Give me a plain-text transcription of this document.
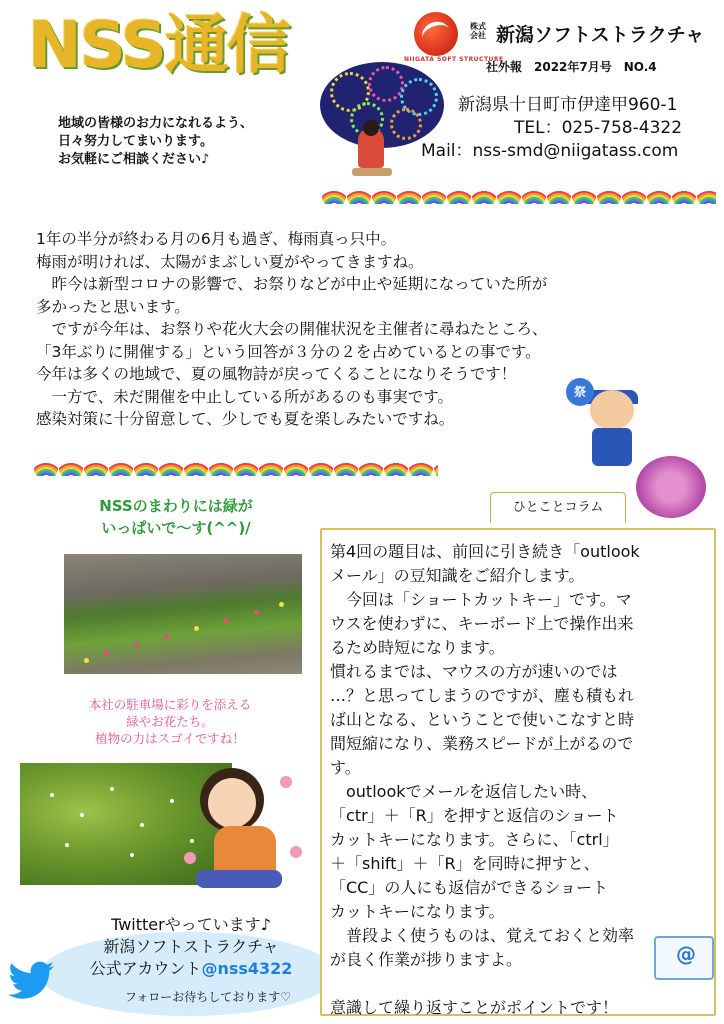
NSS通信
地域の皆様のお力になれるよう、
日々努力してまいります。
お気軽にご相談ください♪
NIIGATA SOFT STRUCTURE
株式会社 新潟ソフトストラクチャ
社外報　2022年7月号　NO.4
新潟県十日町市伊達甲960-1
TEL：025-758-4322
Mail：nss-smd@niigatass.com

1年の半分が終わる月の6月も過ぎ、梅雨真っ只中。

梅雨が明ければ、太陽がまぶしい夏がやってきますね。

　昨今は新型コロナの影響で、お祭りなどが中止や延期になっていた所が

多かったと思います。

　ですが今年は、お祭りや花火大会の開催状況を主催者に尋ねたところ、

「3年ぶりに開催する」という回答が３分の２を占めているとの事です。

今年は多くの地域で、夏の風物詩が戻ってくることになりそうです！

　一方で、未だ開催を中止している所があるのも事実です。

感染対策に十分留意して、少しでも夏を楽しみたいですね。

祭
NSSのまわりには緑が
いっぱいで～す(^^)/
本社の駐車場に彩りを添える
緑やお花たち。
植物の力はスゴイですね！
Twitterやっています♪
新潟ソフトストラクチャ
公式アカウント@nss4322
フォローお待ちしております♡
ひとことコラム

第4回の題目は、前回に引き続き「outlook

メール」の豆知識をご紹介します。

　今回は「ショートカットキー」です。マ

ウスを使わずに、キーボード上で操作出来

るため時短になります。

慣れるまでは、マウスの方が速いのでは

…？と思ってしまうのですが、塵も積もれ

ば山となる、ということで使いこなすと時

間短縮になり、業務スピードが上がるので

す。

　outlookでメールを返信したい時、

「ctr」＋「R」を押すと返信のショート

カットキーになります。さらに、「ctrl」

＋「shift」＋「R」を同時に押すと、

「CC」の人にも返信ができるショート

カットキーになります。

　普段よく使うものは、覚えておくと効率

が良く作業が捗りますよ。

意識して繰り返すことがポイントです！

@
